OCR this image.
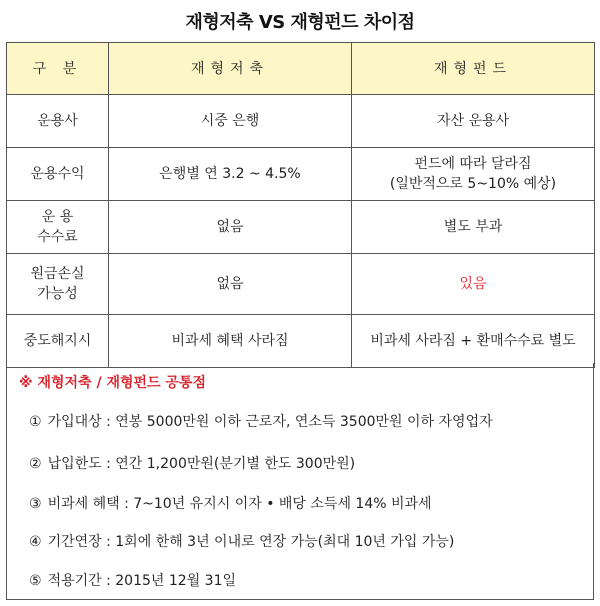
재형저축 VS 재형펀드 차이점
구 분	재형저축	재형펀드

운용사	시중 은행	자산 운용사

운용수익	은행별 연 3.2 ~ 4.5%	펀드에 따라 달라짐
(일반적으로 5~10% 예상)

운 용
수수료	없음	별도 부과

원금손실
가능성	없음	있음

중도해지시	비과세 혜택 사라짐	비과세 사라짐 + 환매수수료 별도
※ 재형저축 / 재형펀드 공통점
① 가입대상 : 연봉 5000만원 이하 근로자, 연소득 3500만원 이하 자영업자
② 납입한도 : 연간 1,200만원(분기별 한도 300만원)
③ 비과세 혜택 : 7~10년 유지시 이자 • 배당 소득세 14% 비과세
④ 기간연장 : 1회에 한해 3년 이내로 연장 가능(최대 10년 가입 가능)
⑤ 적용기간 : 2015년 12월 31일
